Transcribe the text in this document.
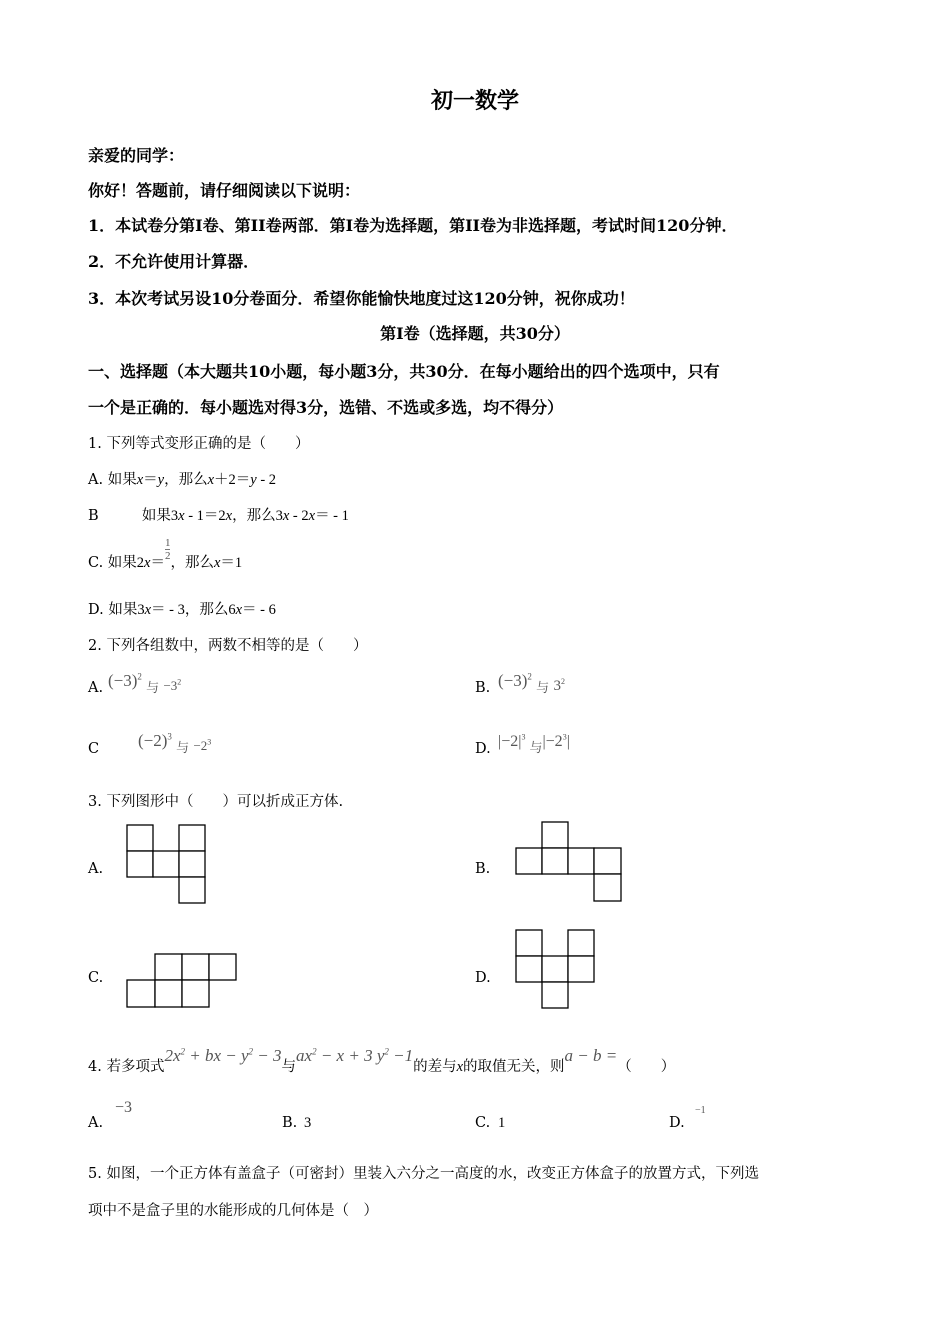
初一数学
亲爱的同学：
你好！答题前，请仔细阅读以下说明：
1．本试卷分第I卷、第II卷两部．第I卷为选择题，第II卷为非选择题，考试时间120分钟．
2．不允许使用计算器．
3．本次考试另设10分卷面分．希望你能愉快地度过这120分钟，祝你成功！
第I卷（选择题，共30分）
一、选择题（本大题共10小题，每小题3分，共30分．在每小题给出的四个选项中，只有
一个是正确的．每小题选对得3分，选错、不选或多选，均不得分）
1. 下列等式变形正确的是（　　）
A. 如果x＝y，那么x＋2＝y - 2
B	如果3x - 1＝2x，那么3x - 2x＝ - 1
C. 如果2x＝
$\frac{1}{2}$
，那么x＝1
D. 如果3x＝ - 3，那么6x＝ - 6
2. 下列各组数中，两数不相等的是（　　）
A. $(-3)^2$ $_与$ $_{-3^2}$	B. $(-3)^2$ $_与$ $3^2$
C $(-2)^3$ $_与$ $_{-2^3}$	D. $|-2|^3$ $_与|-2^3|$
3. 下列图形中（　　）可以折成正方体.
A.	B.
C.	D.
4. 若多项式$2x^2$ + bx − $y^2 - 3$与$ax^2 - x + 3$ $y^2 -1$的差与x的取值无关，则a − b =（　　）
A.
−3
B. 3	C. 1	D.
−1
5. 如图，一个正方体有盖盒子（可密封）里装入六分之一高度的水，改变正方体盒子的放置方式，下列选
项中不是盒子里的水能形成的几何体是（　）
